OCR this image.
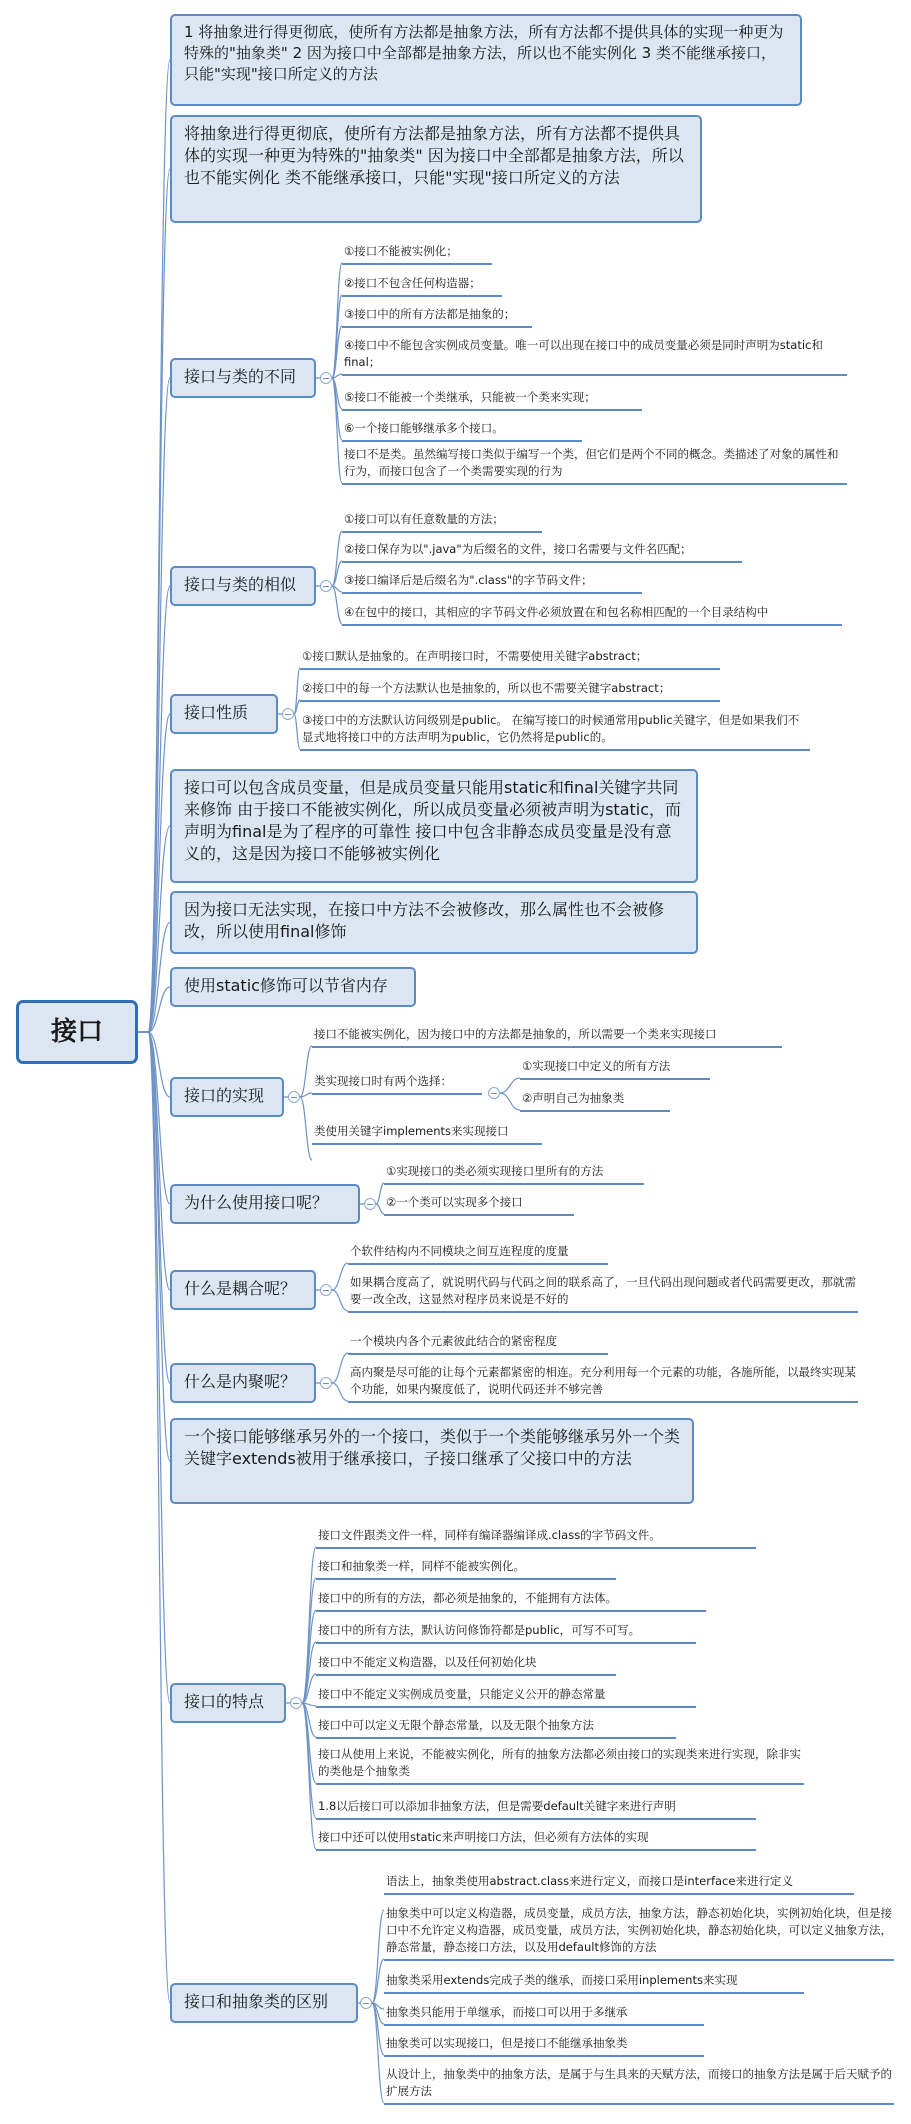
接口
1 将抽象进行得更彻底，使所有方法都是抽象方法，所有方法都不提供具体的实现一种更为特殊的"抽象类" 2 因为接口中全部都是抽象方法，所以也不能实例化 3 类不能继承接口，只能"实现"接口所定义的方法
将抽象进行得更彻底，使所有方法都是抽象方法，所有方法都不提供具体的实现一种更为特殊的"抽象类" 因为接口中全部都是抽象方法，所以也不能实例化 类不能继承接口，只能"实现"接口所定义的方法
接口与类的不同
①接口不能被实例化；
②接口不包含任何构造器；
③接口中的所有方法都是抽象的；
④接口中不能包含实例成员变量。唯一可以出现在接口中的成员变量必须是同时声明为static和final；
⑤接口不能被一个类继承，只能被一个类来实现；
⑥一个接口能够继承多个接口。
接口不是类。虽然编写接口类似于编写一个类，但它们是两个不同的概念。类描述了对象的属性和行为，而接口包含了一个类需要实现的行为
接口与类的相似
①接口可以有任意数量的方法；
②接口保存为以".java"为后缀名的文件，接口名需要与文件名匹配；
③接口编译后是后缀名为".class"的字节码文件；
④在包中的接口，其相应的字节码文件必须放置在和包名称相匹配的一个目录结构中
接口性质
①接口默认是抽象的。在声明接口时，不需要使用关键字abstract；
②接口中的每一个方法默认也是抽象的，所以也不需要关键字abstract；
③接口中的方法默认访问级别是public。 在编写接口的时候通常用public关键字，但是如果我们不显式地将接口中的方法声明为public，它仍然将是public的。
接口可以包含成员变量，但是成员变量只能用static和final关键字共同来修饰 由于接口不能被实例化，所以成员变量必须被声明为static，而声明为final是为了程序的可靠性 接口中包含非静态成员变量是没有意义的，这是因为接口不能够被实例化
因为接口无法实现，在接口中方法不会被修改，那么属性也不会被修改，所以使用final修饰
使用static修饰可以节省内存
接口的实现
接口不能被实例化，因为接口中的方法都是抽象的，所以需要一个类来实现接口
类实现接口时有两个选择：
类使用关键字implements来实现接口
①实现接口中定义的所有方法
②声明自己为抽象类
为什么使用接口呢？
①实现接口的类必须实现接口里所有的方法
②一个类可以实现多个接口
什么是耦合呢？
个软件结构内不同模块之间互连程度的度量
如果耦合度高了，就说明代码与代码之间的联系高了，一旦代码出现问题或者代码需要更改，那就需要一改全改，这显然对程序员来说是不好的
什么是内聚呢？
一个模块内各个元素彼此结合的紧密程度
高内聚是尽可能的让每个元素都紧密的相连。充分利用每一个元素的功能，各施所能，以最终实现某个功能，如果内聚度低了，说明代码还并不够完善
一个接口能够继承另外的一个接口，类似于一个类能够继承另外一个类 关键字extends被用于继承接口，子接口继承了父接口中的方法
接口的特点
接口文件跟类文件一样，同样有编译器编译成.class的字节码文件。
接口和抽象类一样，同样不能被实例化。
接口中的所有的方法，都必须是抽象的，不能拥有方法体。
接口中的所有方法，默认访问修饰符都是public，可写不可写。
接口中不能定义构造器，以及任何初始化块
接口中不能定义实例成员变量，只能定义公开的静态常量
接口中可以定义无限个静态常量，以及无限个抽象方法
接口从使用上来说，不能被实例化，所有的抽象方法都必须由接口的实现类来进行实现，除非实的类他是个抽象类
1.8以后接口可以添加非抽象方法，但是需要default关键字来进行声明
接口中还可以使用static来声明接口方法，但必须有方法体的实现
接口和抽象类的区别
语法上，抽象类使用abstract.class来进行定义，而接口是interface来进行定义
抽象类中可以定义构造器，成员变量，成员方法，抽象方法，静态初始化块，实例初始化块，但是接口中不允许定义构造器，成员变量，成员方法，实例初始化块，静态初始化块，可以定义抽象方法，静态常量，静态接口方法，以及用default修饰的方法
抽象类采用extends完成子类的继承，而接口采用inplements来实现
抽象类只能用于单继承，而接口可以用于多继承
抽象类可以实现接口，但是接口不能继承抽象类
从设计上，抽象类中的抽象方法，是属于与生具来的天赋方法，而接口的抽象方法是属于后天赋予的扩展方法
